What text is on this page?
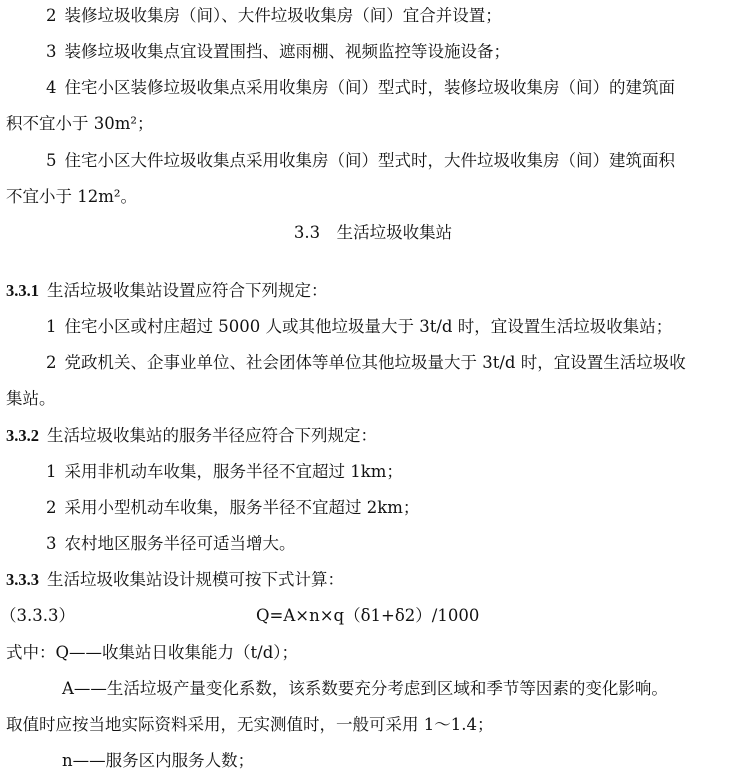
2 装修垃圾收集房（间）、大件垃圾收集房（间）宜合并设置；
3 装修垃圾收集点宜设置围挡、遮雨棚、视频监控等设施设备；
4 住宅小区装修垃圾收集点采用收集房（间）型式时，装修垃圾收集房（间）的建筑面
积不宜小于 30m²；
5 住宅小区大件垃圾收集点采用收集房（间）型式时，大件垃圾收集房（间）建筑面积
不宜小于 12m²。
3.3　生活垃圾收集站
3.3.1 生活垃圾收集站设置应符合下列规定：
1 住宅小区或村庄超过 5000 人或其他垃圾量大于 3t/d 时，宜设置生活垃圾收集站；
2 党政机关、企事业单位、社会团体等单位其他垃圾量大于 3t/d 时，宜设置生活垃圾收
集站。
3.3.2 生活垃圾收集站的服务半径应符合下列规定：
1 采用非机动车收集，服务半径不宜超过 1km；
2 采用小型机动车收集，服务半径不宜超过 2km；
3 农村地区服务半径可适当增大。
3.3.3 生活垃圾收集站设计规模可按下式计算：
Q=A×n×q（δ1+δ2）/1000
（3.3.3）
式中：Q——收集站日收集能力（t/d）；
A——生活垃圾产量变化系数，该系数要充分考虑到区域和季节等因素的变化影响。
取值时应按当地实际资料采用，无实测值时，一般可采用 1～1.4；
n——服务区内服务人数；
